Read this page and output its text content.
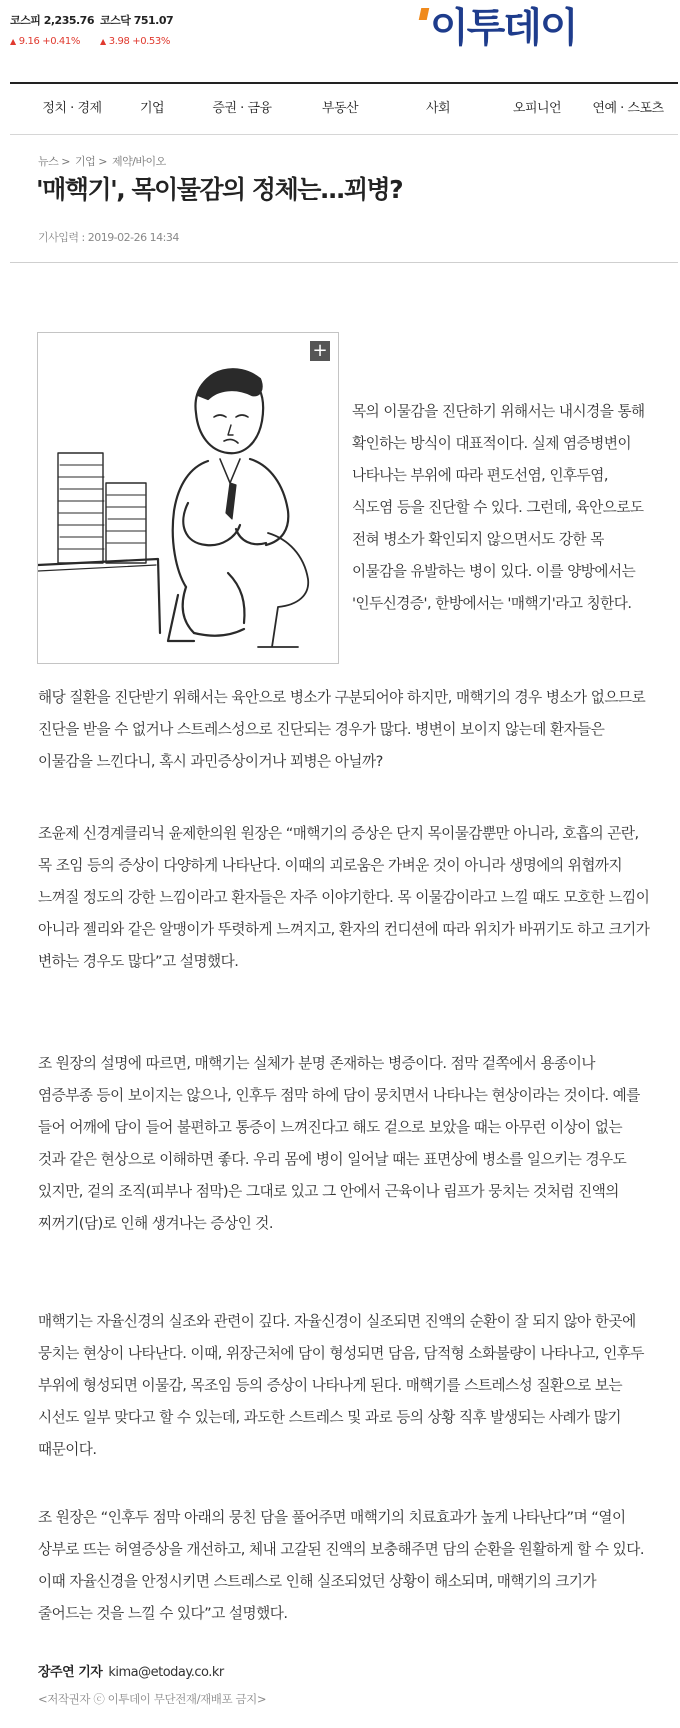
코스피 2,235.76
▲ 9.16 +0.41%
코스닥 751.07
▲ 3.98 +0.53%	이투데이
정치 · 경제	기업	증권 · 금융	부동산	사회	오피니언 연예 · 스포츠
뉴스 > 기업 > 제약/바이오
'매핵기', 목이물감의 정체는...꾀병?
기사입력 : 2019-02-26 14:34
+

목의 이물감을 진단하기 위해서는 내시경을 통해 확인하는 방식이 대표적이다. 실제 염증병변이 나타나는 부위에 따라 편도선염, 인후두염, 식도염 등을 진단할 수 있다. 그런데, 육안으로도 전혀 병소가 확인되지 않으면서도 강한 목 이물감을 유발하는 병이 있다. 이를 양방에서는 '인두신경증', 한방에서는 '매핵기'라고 칭한다.

해당 질환을 진단받기 위해서는 육안으로 병소가 구분되어야 하지만, 매핵기의 경우 병소가 없으므로 진단을 받을 수 없거나 스트레스성으로 진단되는 경우가 많다. 병변이 보이지 않는데 환자들은 이물감을 느낀다니, 혹시 과민증상이거나 꾀병은 아닐까?

조윤제 신경계클리닉 윤제한의원 원장은 “매핵기의 증상은 단지 목이물감뿐만 아니라, 호흡의 곤란, 목 조임 등의 증상이 다양하게 나타난다. 이때의 괴로움은 가벼운 것이 아니라 생명에의 위협까지 느껴질 정도의 강한 느낌이라고 환자들은 자주 이야기한다. 목 이물감이라고 느낄 때도 모호한 느낌이 아니라 젤리와 같은 알맹이가 뚜렷하게 느껴지고, 환자의 컨디션에 따라 위치가 바뀌기도 하고 크기가 변하는 경우도 많다”고 설명했다.

조 원장의 설명에 따르면, 매핵기는 실체가 분명 존재하는 병증이다. 점막 겉쪽에서 용종이나 염증부종 등이 보이지는 않으나, 인후두 점막 하에 담이 뭉치면서 나타나는 현상이라는 것이다. 예를 들어 어깨에 담이 들어 불편하고 통증이 느껴진다고 해도 겉으로 보았을 때는 아무런 이상이 없는 것과 같은 현상으로 이해하면 좋다. 우리 몸에 병이 일어날 때는 표면상에 병소를 일으키는 경우도 있지만, 겉의 조직(피부나 점막)은 그대로 있고 그 안에서 근육이나 림프가 뭉치는 것처럼 진액의 찌꺼기(담)로 인해 생겨나는 증상인 것.

매핵기는 자율신경의 실조와 관련이 깊다. 자율신경이 실조되면 진액의 순환이 잘 되지 않아 한곳에 뭉치는 현상이 나타난다. 이때, 위장근처에 담이 형성되면 담음, 담적형 소화불량이 나타나고, 인후두 부위에 형성되면 이물감, 목조임 등의 증상이 나타나게 된다. 매핵기를 스트레스성 질환으로 보는 시선도 일부 맞다고 할 수 있는데, 과도한 스트레스 및 과로 등의 상황 직후 발생되는 사례가 많기 때문이다.

조 원장은 “인후두 점막 아래의 뭉친 담을 풀어주면 매핵기의 치료효과가 높게 나타난다”며 “열이 상부로 뜨는 허열증상을 개선하고, 체내 고갈된 진액의 보충해주면 담의 순환을 원활하게 할 수 있다. 이때 자율신경을 안정시키면 스트레스로 인해 실조되었던 상황이 해소되며, 매핵기의 크기가 줄어드는 것을 느낄 수 있다”고 설명했다.

장주연 기자 kima@etoday.co.kr
<저작권자 ⓒ 이투데이 무단전재/재배포 금지>
